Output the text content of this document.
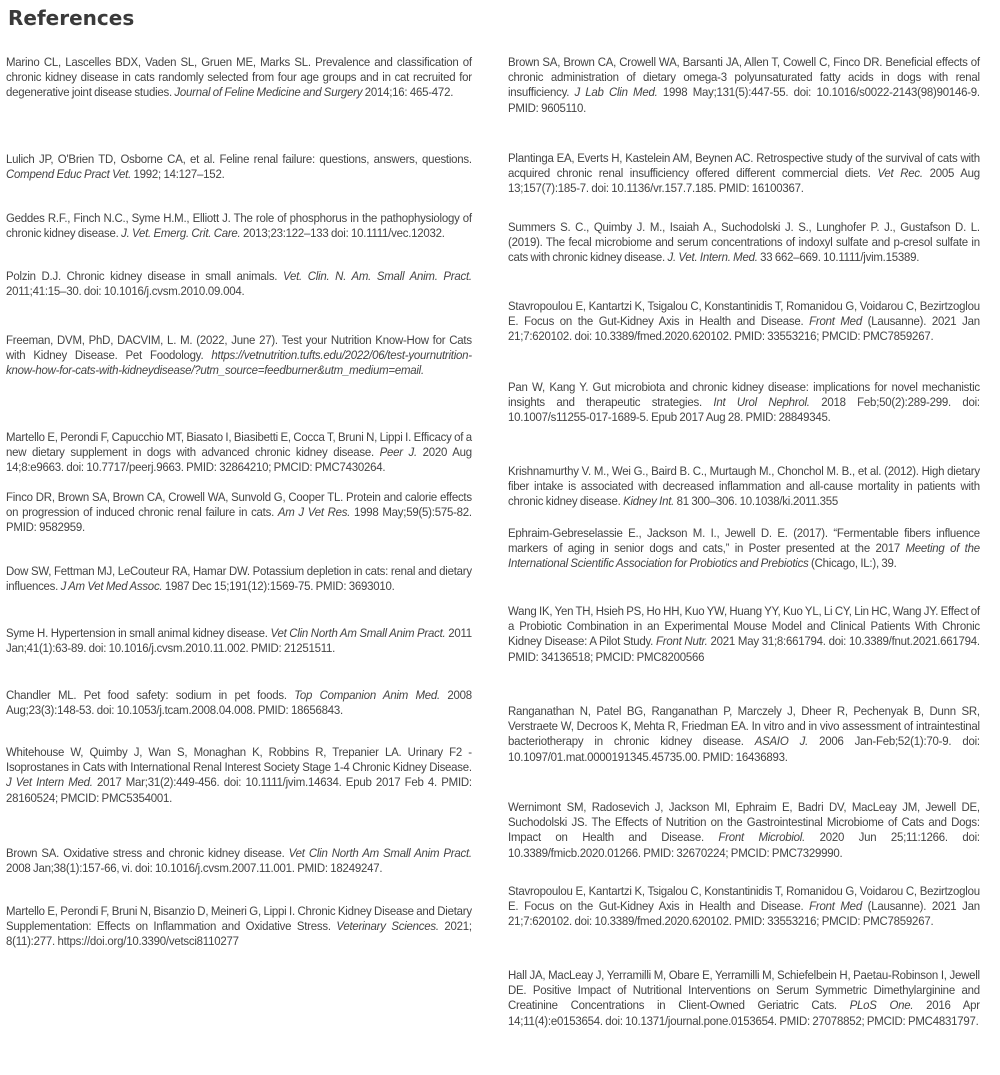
References

Marino CL, Lascelles BDX, Vaden SL, Gruen ME, Marks SL. Prevalence and classification of chronic kidney disease in cats randomly selected from four age groups and in cat recruited for degenerative joint disease studies. Journal of Feline Medicine and Surgery 2014;16: 465-472.

Lulich JP, O'Brien TD, Osborne CA, et al. Feline renal failure: questions, answers, questions. Compend Educ Pract Vet. 1992; 14:127–152.

Geddes R.F., Finch N.C., Syme H.M., Elliott J. The role of phosphorus in the pathophysiology of chronic kidney disease. J. Vet. Emerg. Crit. Care. 2013;23:122–133 doi: 10.1111/vec.12032.

Polzin D.J. Chronic kidney disease in small animals. Vet. Clin. N. Am. Small Anim. Pract. 2011;41:15–30. doi: 10.1016/j.cvsm.2010.09.004.

Freeman, DVM, PhD, DACVIM, L. M. (2022, June 27). Test your Nutrition Know-How for Cats with Kidney Disease. Pet Foodology. https://vetnutrition.tufts.edu/2022/06/test-yournutrition-know-how-for-cats-with-kidneydisease/?utm_source=feedburner&utm_medium=email.

Martello E, Perondi F, Capucchio MT, Biasato I, Biasibetti E, Cocca T, Bruni N, Lippi I. Efficacy of a new dietary supplement in dogs with advanced chronic kidney disease. Peer J. 2020 Aug 14;8:e9663. doi: 10.7717/peerj.9663. PMID: 32864210; PMCID: PMC7430264.

Finco DR, Brown SA, Brown CA, Crowell WA, Sunvold G, Cooper TL. Protein and calorie effects on progression of induced chronic renal failure in cats. Am J Vet Res. 1998 May;59(5):575-82. PMID: 9582959.

Dow SW, Fettman MJ, LeCouteur RA, Hamar DW. Potassium depletion in cats: renal and dietary influences. J Am Vet Med Assoc. 1987 Dec 15;191(12):1569-75. PMID: 3693010.

Syme H. Hypertension in small animal kidney disease. Vet Clin North Am Small Anim Pract. 2011 Jan;41(1):63-89. doi: 10.1016/j.cvsm.2010.11.002. PMID: 21251511.

Chandler ML. Pet food safety: sodium in pet foods. Top Companion Anim Med. 2008 Aug;23(3):148-53. doi: 10.1053/j.tcam.2008.04.008. PMID: 18656843.

Whitehouse W, Quimby J, Wan S, Monaghan K, Robbins R, Trepanier LA. Urinary F2 -Isoprostanes in Cats with International Renal Interest Society Stage 1-4 Chronic Kidney Disease. J Vet Intern Med. 2017 Mar;31(2):449-456. doi: 10.1111/jvim.14634. Epub 2017 Feb 4. PMID: 28160524; PMCID: PMC5354001.

Brown SA. Oxidative stress and chronic kidney disease. Vet Clin North Am Small Anim Pract. 2008 Jan;38(1):157-66, vi. doi: 10.1016/j.cvsm.2007.11.001. PMID: 18249247.

Martello E, Perondi F, Bruni N, Bisanzio D, Meineri G, Lippi I. Chronic Kidney Disease and Dietary Supplementation: Effects on Inflammation and Oxidative Stress. Veterinary Sciences. 2021; 8(11):277. https://doi.org/10.3390/vetsci8110277

Brown SA, Brown CA, Crowell WA, Barsanti JA, Allen T, Cowell C, Finco DR. Beneficial effects of chronic administration of dietary omega-3 polyunsaturated fatty acids in dogs with renal insufficiency. J Lab Clin Med. 1998 May;131(5):447-55. doi: 10.1016/s0022-2143(98)90146-9. PMID: 9605110.

Plantinga EA, Everts H, Kastelein AM, Beynen AC. Retrospective study of the survival of cats with acquired chronic renal insufficiency offered different commercial diets. Vet Rec. 2005 Aug 13;157(7):185-7. doi: 10.1136/vr.157.7.185. PMID: 16100367.

Summers S. C., Quimby J. M., Isaiah A., Suchodolski J. S., Lunghofer P. J., Gustafson D. L. (2019). The fecal microbiome and serum concentrations of indoxyl sulfate and p-cresol sulfate in cats with chronic kidney disease. J. Vet. Intern. Med. 33 662–669. 10.1111/jvim.15389.

Stavropoulou E, Kantartzi K, Tsigalou C, Konstantinidis T, Romanidou G, Voidarou C, Bezirtzoglou E. Focus on the Gut-Kidney Axis in Health and Disease. Front Med (Lausanne). 2021 Jan 21;7:620102. doi: 10.3389/fmed.2020.620102. PMID: 33553216; PMCID: PMC7859267.

Pan W, Kang Y. Gut microbiota and chronic kidney disease: implications for novel mechanistic insights and therapeutic strategies. Int Urol Nephrol. 2018 Feb;50(2):289-299. doi: 10.1007/s11255-017-1689-5. Epub 2017 Aug 28. PMID: 28849345.

Krishnamurthy V. M., Wei G., Baird B. C., Murtaugh M., Chonchol M. B., et al. (2012). High dietary fiber intake is associated with decreased inflammation and all-cause mortality in patients with chronic kidney disease. Kidney Int. 81 300–306. 10.1038/ki.2011.355

Ephraim-Gebreselassie E., Jackson M. I., Jewell D. E. (2017). “Fermentable fibers influence markers of aging in senior dogs and cats,” in Poster presented at the 2017 Meeting of the International Scientific Association for Probiotics and Prebiotics (Chicago, IL:), 39.

Wang IK, Yen TH, Hsieh PS, Ho HH, Kuo YW, Huang YY, Kuo YL, Li CY, Lin HC, Wang JY. Effect of a Probiotic Combination in an Experimental Mouse Model and Clinical Patients With Chronic Kidney Disease: A Pilot Study. Front Nutr. 2021 May 31;8:661794. doi: 10.3389/fnut.2021.661794. PMID: 34136518; PMCID: PMC8200566

Ranganathan N, Patel BG, Ranganathan P, Marczely J, Dheer R, Pechenyak B, Dunn SR, Verstraete W, Decroos K, Mehta R, Friedman EA. In vitro and in vivo assessment of intraintestinal bacteriotherapy in chronic kidney disease. ASAIO J. 2006 Jan-Feb;52(1):70-9. doi: 10.1097/01.mat.0000191345.45735.00. PMID: 16436893.

Wernimont SM, Radosevich J, Jackson MI, Ephraim E, Badri DV, MacLeay JM, Jewell DE, Suchodolski JS. The Effects of Nutrition on the Gastrointestinal Microbiome of Cats and Dogs: Impact on Health and Disease. Front Microbiol. 2020 Jun 25;11:1266. doi: 10.3389/fmicb.2020.01266. PMID: 32670224; PMCID: PMC7329990.

Stavropoulou E, Kantartzi K, Tsigalou C, Konstantinidis T, Romanidou G, Voidarou C, Bezirtzoglou E. Focus on the Gut-Kidney Axis in Health and Disease. Front Med (Lausanne). 2021 Jan 21;7:620102. doi: 10.3389/fmed.2020.620102. PMID: 33553216; PMCID: PMC7859267.

Hall JA, MacLeay J, Yerramilli M, Obare E, Yerramilli M, Schiefelbein H, Paetau-Robinson I, Jewell DE. Positive Impact of Nutritional Interventions on Serum Symmetric Dimethylarginine and Creatinine Concentrations in Client-Owned Geriatric Cats. PLoS One. 2016 Apr 14;11(4):e0153654. doi: 10.1371/journal.pone.0153654. PMID: 27078852; PMCID: PMC4831797.
